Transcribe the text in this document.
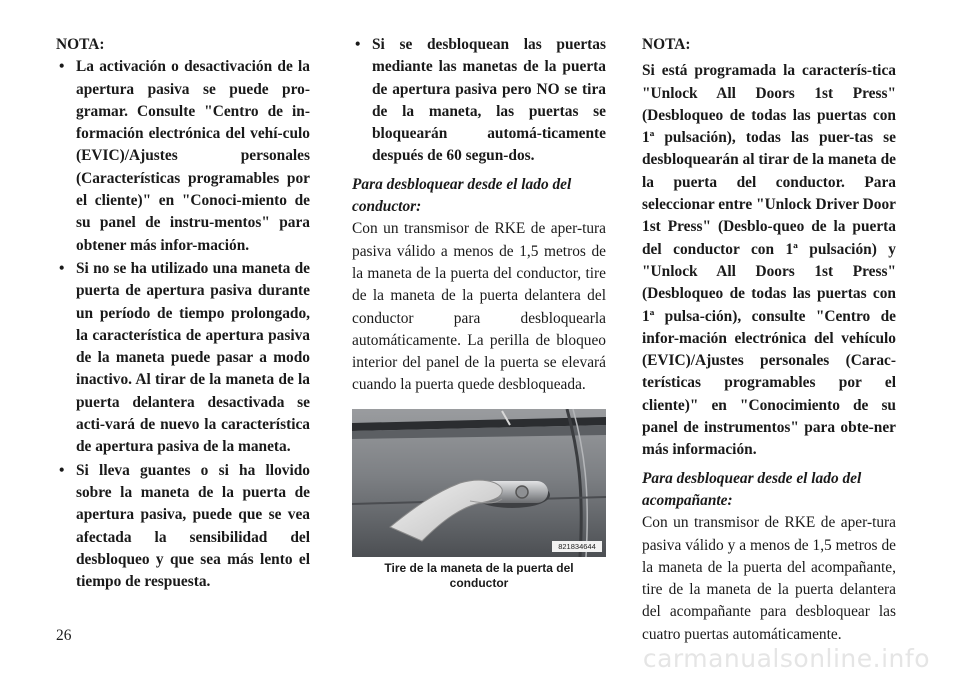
NOTA:

• La activación o desactivación de la apertura pasiva se puede pro-gramar. Consulte "Centro de in-formación electrónica del vehí-culo (EVIC)/Ajustes personales (Características programables por el cliente)" en "Conoci-miento de su panel de instru-mentos" para obtener más infor-mación.
• Si no se ha utilizado una maneta de puerta de apertura pasiva durante un período de tiempo prolongado, la característica de apertura pasiva de la maneta puede pasar a modo inactivo. Al tirar de la maneta de la puerta delantera desactivada se acti-vará de nuevo la característica de apertura pasiva de la maneta.
• Si lleva guantes o si ha llovido sobre la maneta de la puerta de apertura pasiva, puede que se vea afectada la sensibilidad del desbloqueo y que sea más lento el tiempo de respuesta.
• Si se desbloquean las puertas mediante las manetas de la puerta de apertura pasiva pero NO se tira de la maneta, las puertas se bloquearán automá-ticamente después de 60 segun-dos.

Para desbloquear desde el lado del conductor:

Con un transmisor de RKE de aper-tura pasiva válido a menos de 1,5 metros de la maneta de la puerta del conductor, tire de la maneta de la puerta delantera del conductor para desbloquearla automáticamente. La perilla de bloqueo interior del panel de la puerta se elevará cuando la puerta quede desbloqueada.

821834644
Tire de la maneta de la puerta del conductor

NOTA:

Si está programada la caracterís-tica "Unlock All Doors 1st Press" (Desbloqueo de todas las puertas con 1ª pulsación), todas las puer-tas se desbloquearán al tirar de la maneta de la puerta del conductor. Para seleccionar entre "Unlock Driver Door 1st Press" (Desblo-queo de la puerta del conductor con 1ª pulsación) y "Unlock All Doors 1st Press" (Desbloqueo de todas las puertas con 1ª pulsa-ción), consulte "Centro de infor-mación electrónica del vehículo (EVIC)/Ajustes personales (Carac-terísticas programables por el cliente)" en "Conocimiento de su panel de instrumentos" para obte-ner más información.

Para desbloquear desde el lado del acompañante:

Con un transmisor de RKE de aper-tura pasiva válido y a menos de 1,5 metros de la maneta de la puerta del acompañante, tire de la maneta de la puerta delantera del acompañante para desbloquear las cuatro puertas automáticamente.

26
carmanualsonline.info
